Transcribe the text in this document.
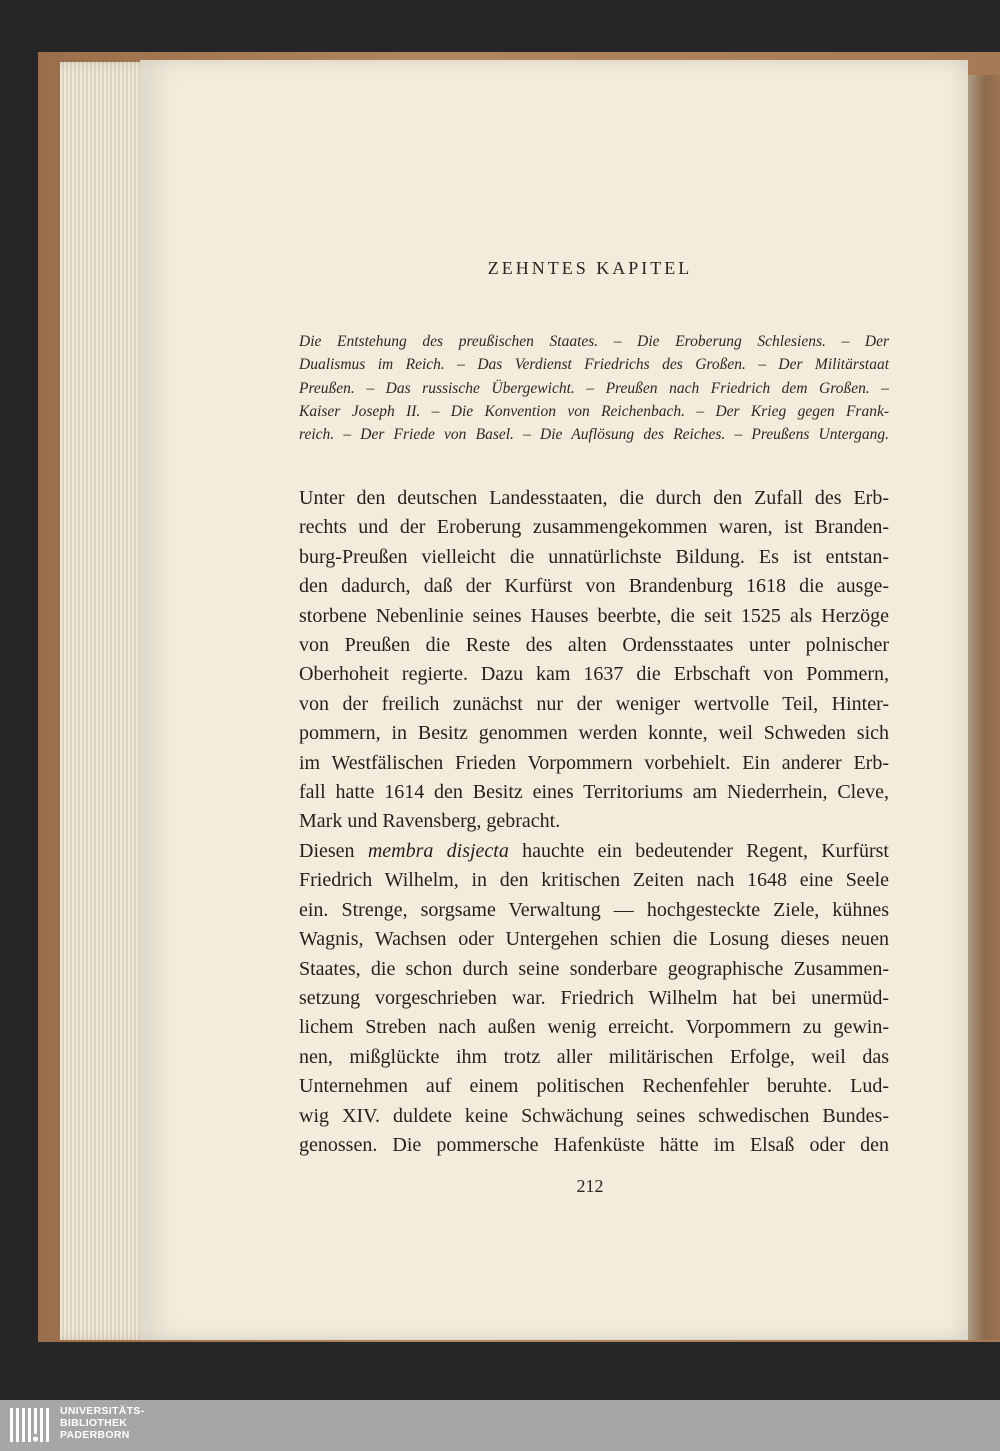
ZEHNTES KAPITEL
Die Entstehung des preußischen Staates. – Die Eroberung Schlesiens. – Der
Dualismus im Reich. – Das Verdienst Friedrichs des Großen. – Der Militärstaat
Preußen. – Das russische Übergewicht. – Preußen nach Friedrich dem Großen. –
Kaiser Joseph II. – Die Konvention von Reichenbach. – Der Krieg gegen Frank-
reich. – Der Friede von Basel. – Die Auflösung des Reiches. – Preußens Untergang.
Unter den deutschen Landesstaaten, die durch den Zufall des Erb-
rechts und der Eroberung zusammengekommen waren, ist Branden-
burg-Preußen vielleicht die unnatürlichste Bildung. Es ist entstan-
den dadurch, daß der Kurfürst von Brandenburg 1618 die ausge-
storbene Nebenlinie seines Hauses beerbte, die seit 1525 als Herzöge
von Preußen die Reste des alten Ordensstaates unter polnischer
Oberhoheit regierte. Dazu kam 1637 die Erbschaft von Pommern,
von der freilich zunächst nur der weniger wertvolle Teil, Hinter-
pommern, in Besitz genommen werden konnte, weil Schweden sich
im Westfälischen Frieden Vorpommern vorbehielt. Ein anderer Erb-
fall hatte 1614 den Besitz eines Territoriums am Niederrhein, Cleve,
Mark und Ravensberg, gebracht.
Diesen membra disjecta hauchte ein bedeutender Regent, Kurfürst
Friedrich Wilhelm, in den kritischen Zeiten nach 1648 eine Seele
ein. Strenge, sorgsame Verwaltung — hochgesteckte Ziele, kühnes
Wagnis, Wachsen oder Untergehen schien die Losung dieses neuen
Staates, die schon durch seine sonderbare geographische Zusammen-
setzung vorgeschrieben war. Friedrich Wilhelm hat bei unermüd-
lichem Streben nach außen wenig erreicht. Vorpommern zu gewin-
nen, mißglückte ihm trotz aller militärischen Erfolge, weil das
Unternehmen auf einem politischen Rechenfehler beruhte. Lud-
wig XIV. duldete keine Schwächung seines schwedischen Bundes-
genossen. Die pommersche Hafenküste hätte im Elsaß oder den
212
UNIVERSITÄTS-
BIBLIOTHEK
PADERBORN
